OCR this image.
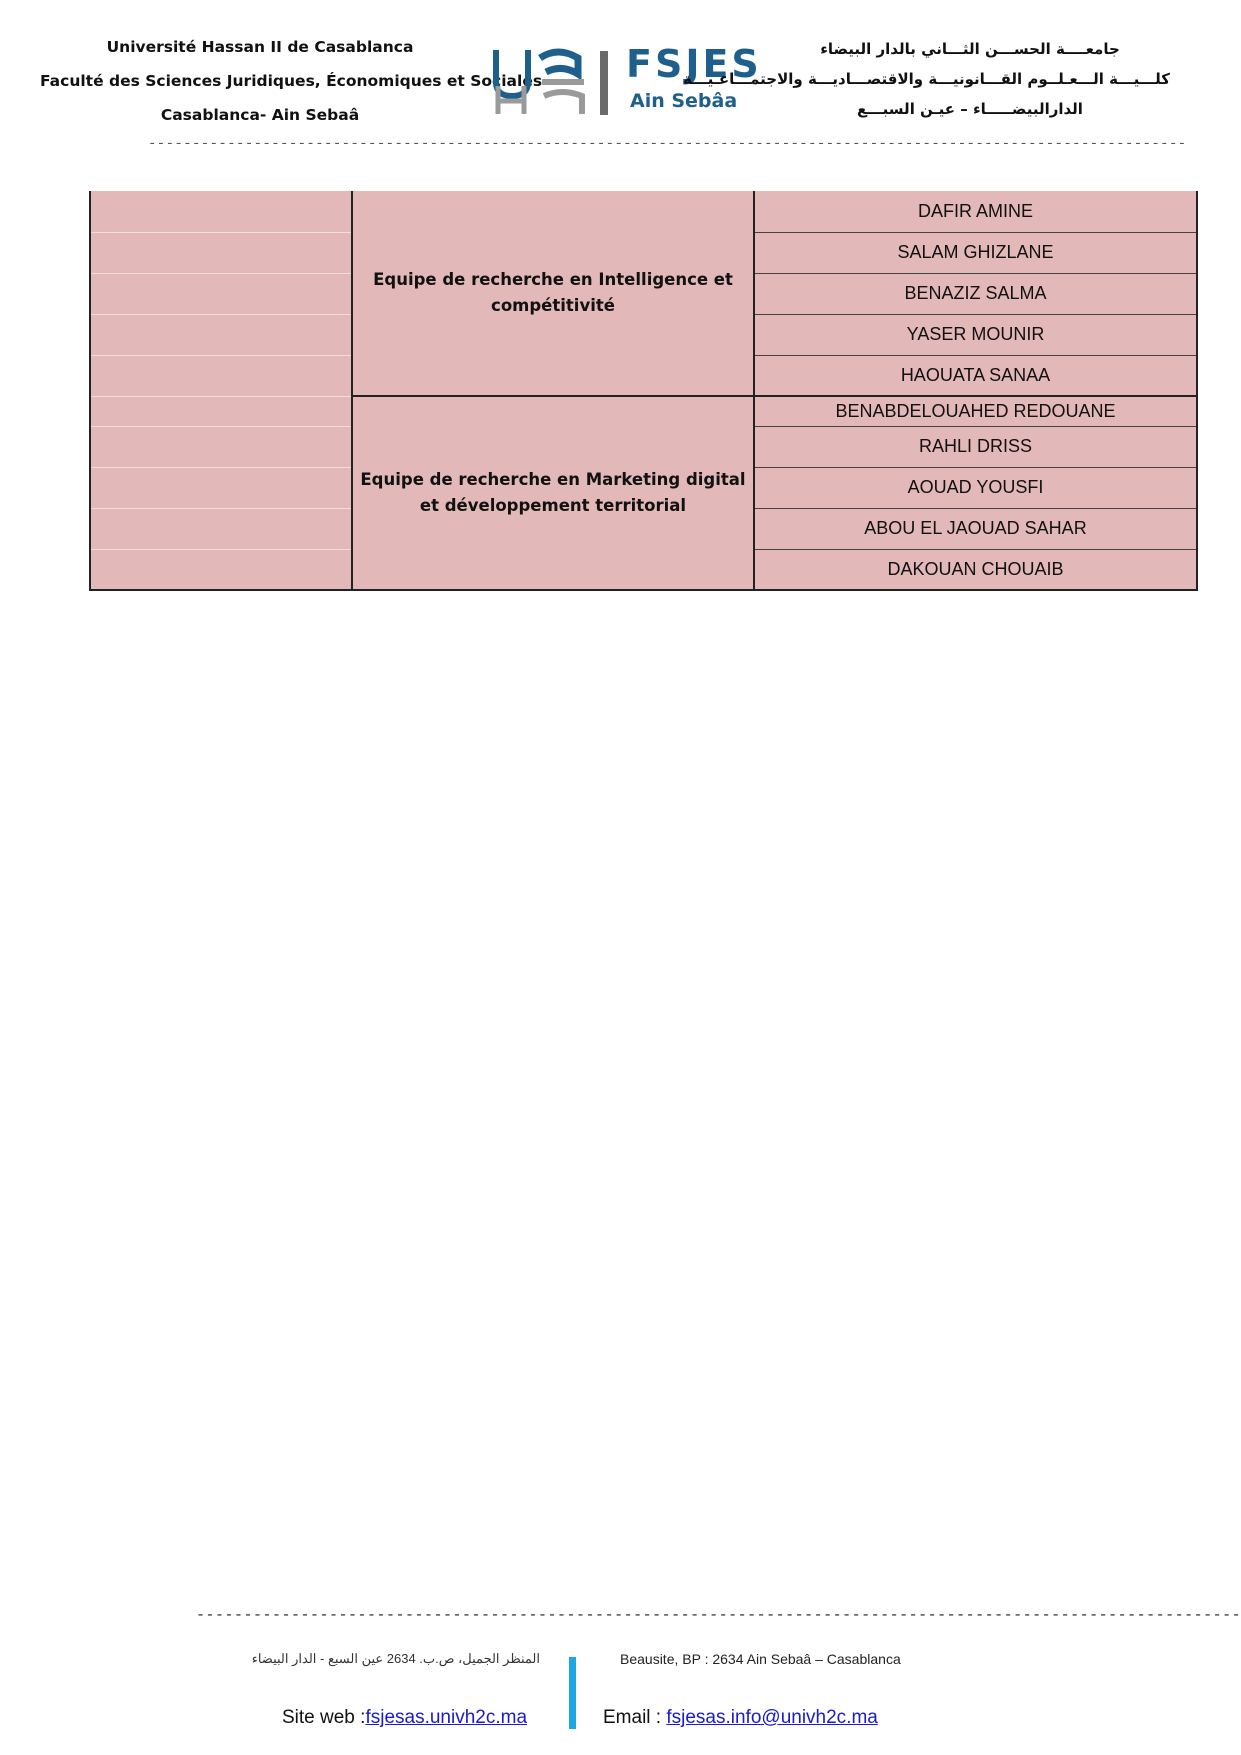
Université Hassan II de Casablanca
Faculté des Sciences Juridiques, Économiques et Sociales
Casablanca- Ain Sebaâ
FSJES
Ain Sebâa
جامعــــة الحســـن الثـــاني بالدار البيضاء
كلـــيـــة الـــعـلــوم القـــانونيـــة والاقتصـــاديـــة والاجتمـــاعـيـــة
الدارالبيضـــــاء – عيـن السبـــع
----------------------------------------------------------------------------------------------------------------------
	Equipe de recherche en Intelligence et compétitivité	DAFIR AMINE
		SALAM GHIZLANE
		BENAZIZ SALMA
		YASER MOUNIR
		HAOUATA SANAA
	Equipe de recherche en Marketing digital et développement territorial	BENABDELOUAHED REDOUANE
		RAHLI DRISS
		AOUAD YOUSFI
		ABOU EL JAOUAD SAHAR
		DAKOUAN CHOUAIB
--------------------------------------------------------------------------------------------------------------
المنظر الجميل، ص.ب. 2634 عين السبع - الدار البيضاء	Beausite, BP : 2634 Ain Sebaâ – Casablanca
Site web :fsjesas.univh2c.ma	Email : fsjesas.info@univh2c.ma
